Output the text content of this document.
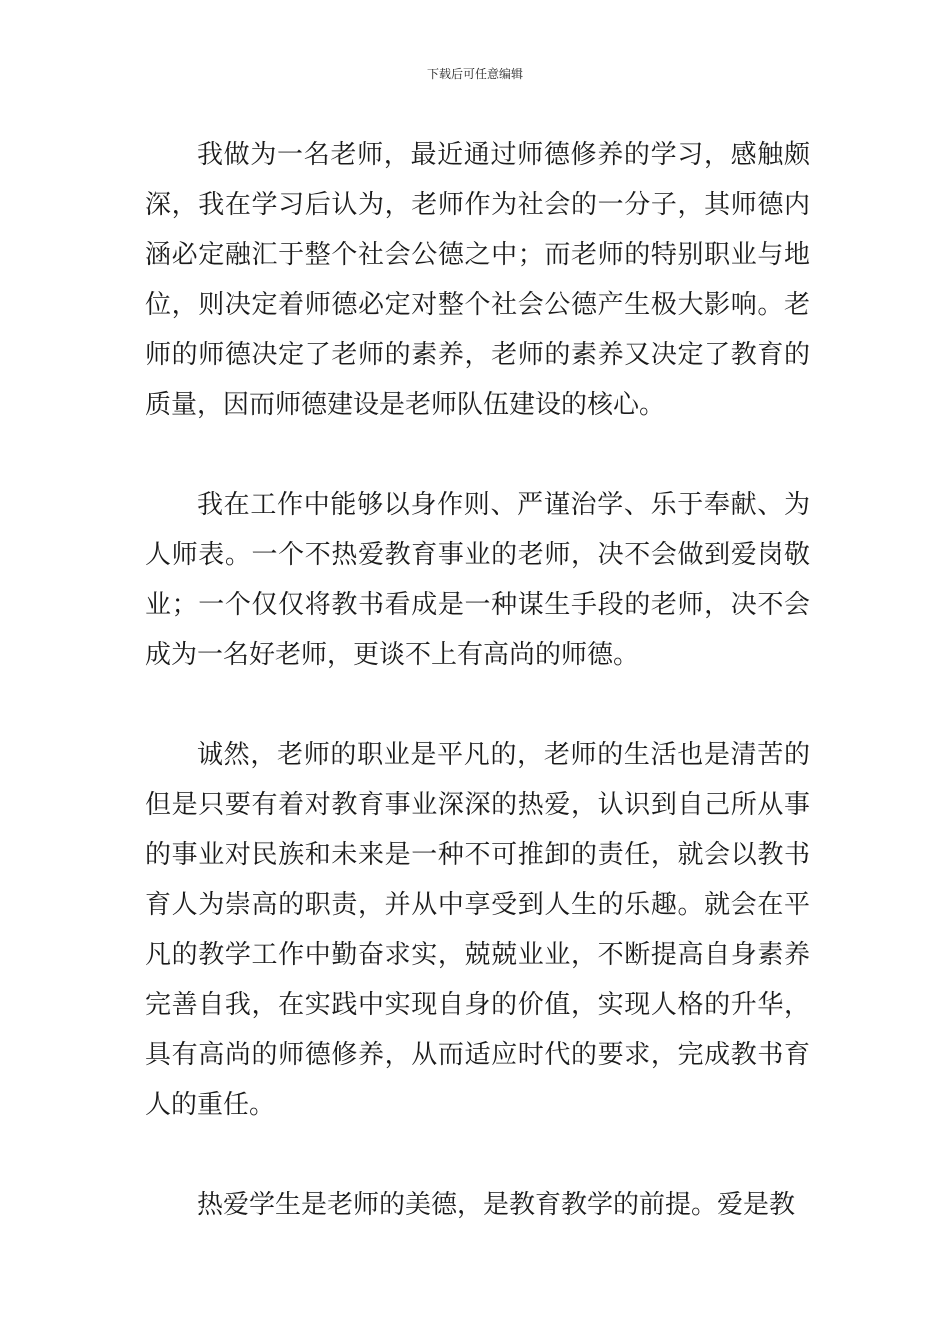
下载后可任意编辑

我做为一名老师，最近通过师德修养的学习，感触颇深，我在学习后认为，老师作为社会的一分子，其师德内涵必定融汇于整个社会公德之中；而老师的特别职业与地位，则决定着师德必定对整个社会公德产生极大影响。老师的师德决定了老师的素养，老师的素养又决定了教育的质量，因而师德建设是老师队伍建设的核心。

我在工作中能够以身作则、严谨治学、乐于奉献、为人师表。一个不热爱教育事业的老师，决不会做到爱岗敬业；一个仅仅将教书看成是一种谋生手段的老师，决不会成为一名好老师，更谈不上有高尚的师德。

诚然，老师的职业是平凡的，老师的生活也是清苦的但是只要有着对教育事业深深的热爱，认识到自己所从事的事业对民族和未来是一种不可推卸的责任，就会以教书育人为崇高的职责，并从中享受到人生的乐趣。就会在平凡的教学工作中勤奋求实，兢兢业业，不断提高自身素养完善自我，在实践中实现自身的价值，实现人格的升华，具有高尚的师德修养，从而适应时代的要求，完成教书育人的重任。

热爱学生是老师的美德，是教育教学的前提。爱是教
